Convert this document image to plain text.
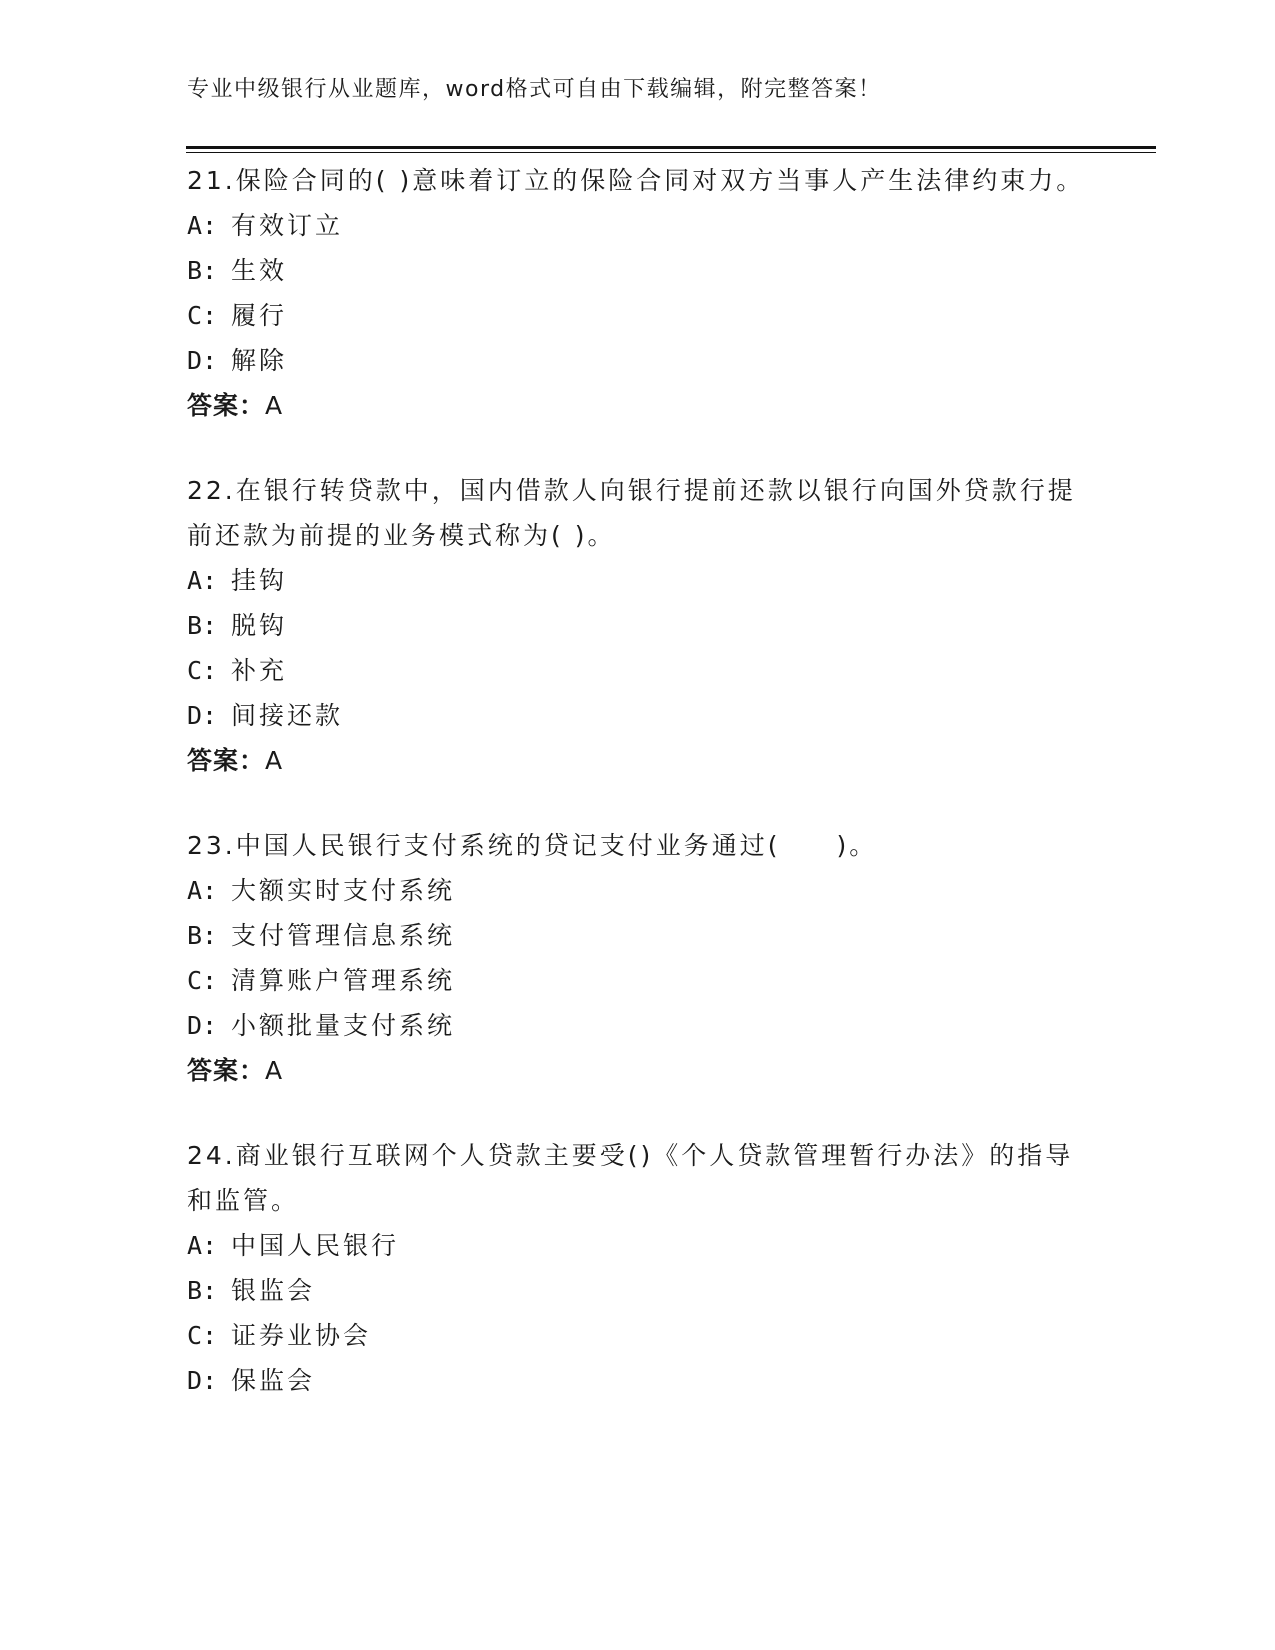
专业中级银行从业题库，word格式可自由下载编辑，附完整答案！

21.保险合同的( )意味着订立的保险合同对双方当事人产生法律约束力。

A: 有效订立
B: 生效
C: 履行
D: 解除
答案：A

22.在银行转贷款中，国内借款人向银行提前还款以银行向国外贷款行提前还款为前提的业务模式称为( )。

A: 挂钩
B: 脱钩
C: 补充
D: 间接还款
答案：A

23.中国人民银行支付系统的贷记支付业务通过(　　)。

A: 大额实时支付系统
B: 支付管理信息系统
C: 清算账户管理系统
D: 小额批量支付系统
答案：A

24.商业银行互联网个人贷款主要受()《个人贷款管理暂行办法》的指导和监管。

A: 中国人民银行
B: 银监会
C: 证券业协会
D: 保监会
